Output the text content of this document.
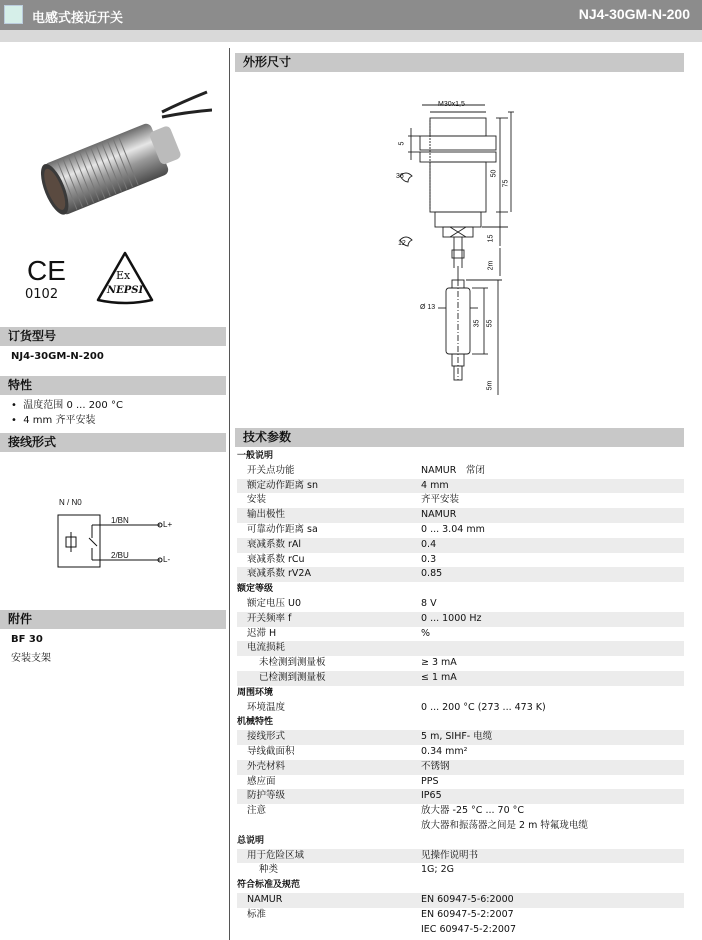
电感式接近开关	NJ4-30GM-N-200
CE
0102
Ex
NEPSI
订货型号
NJ4-30GM-N-200
特性
•  温度范围 0 ... 200 °C
•  4 mm 齐平安装
接线形式
N / N0
1/BN
2/BU
L+
L-
附件
BF 30
安装支架
外形尺寸
M30x1,5
5
36	50
75
12
15
2m
Ø 13
35 55
5m
技术参数
一般说明	
开关点功能	NAMUR　常闭
额定动作距离 sn	4 mm
安装	齐平安装
输出极性	NAMUR
可靠动作距离 sa	0 ... 3.04 mm
衰减系数 rAl	0.4
衰减系数 rCu	0.3
衰减系数 rV2A	0.85
额定等级	
额定电压 U0	8 V
开关频率 f	0 ... 1000 Hz
迟滞 H	%
电流损耗	
未检测到测量板	≥ 3 mA
已检测到测量板	≤ 1 mA
周围环境	
环境温度	0 ... 200 °C (273 ... 473 K)
机械特性	
接线形式	5 m, SIHF- 电缆
导线截面积	0.34 mm²
外壳材料	不锈钢
感应面	PPS
防护等级	IP65
注意	放大器 -25 °C ... 70 °C
	放大器和振荡器之间是 2 m 特氟珑电缆
总说明	
用于危险区域	见操作说明书
种类	1G; 2G
符合标准及规范	
NAMUR	EN 60947-5-6:2000
标准	EN 60947-5-2:2007
	IEC 60947-5-2:2007
